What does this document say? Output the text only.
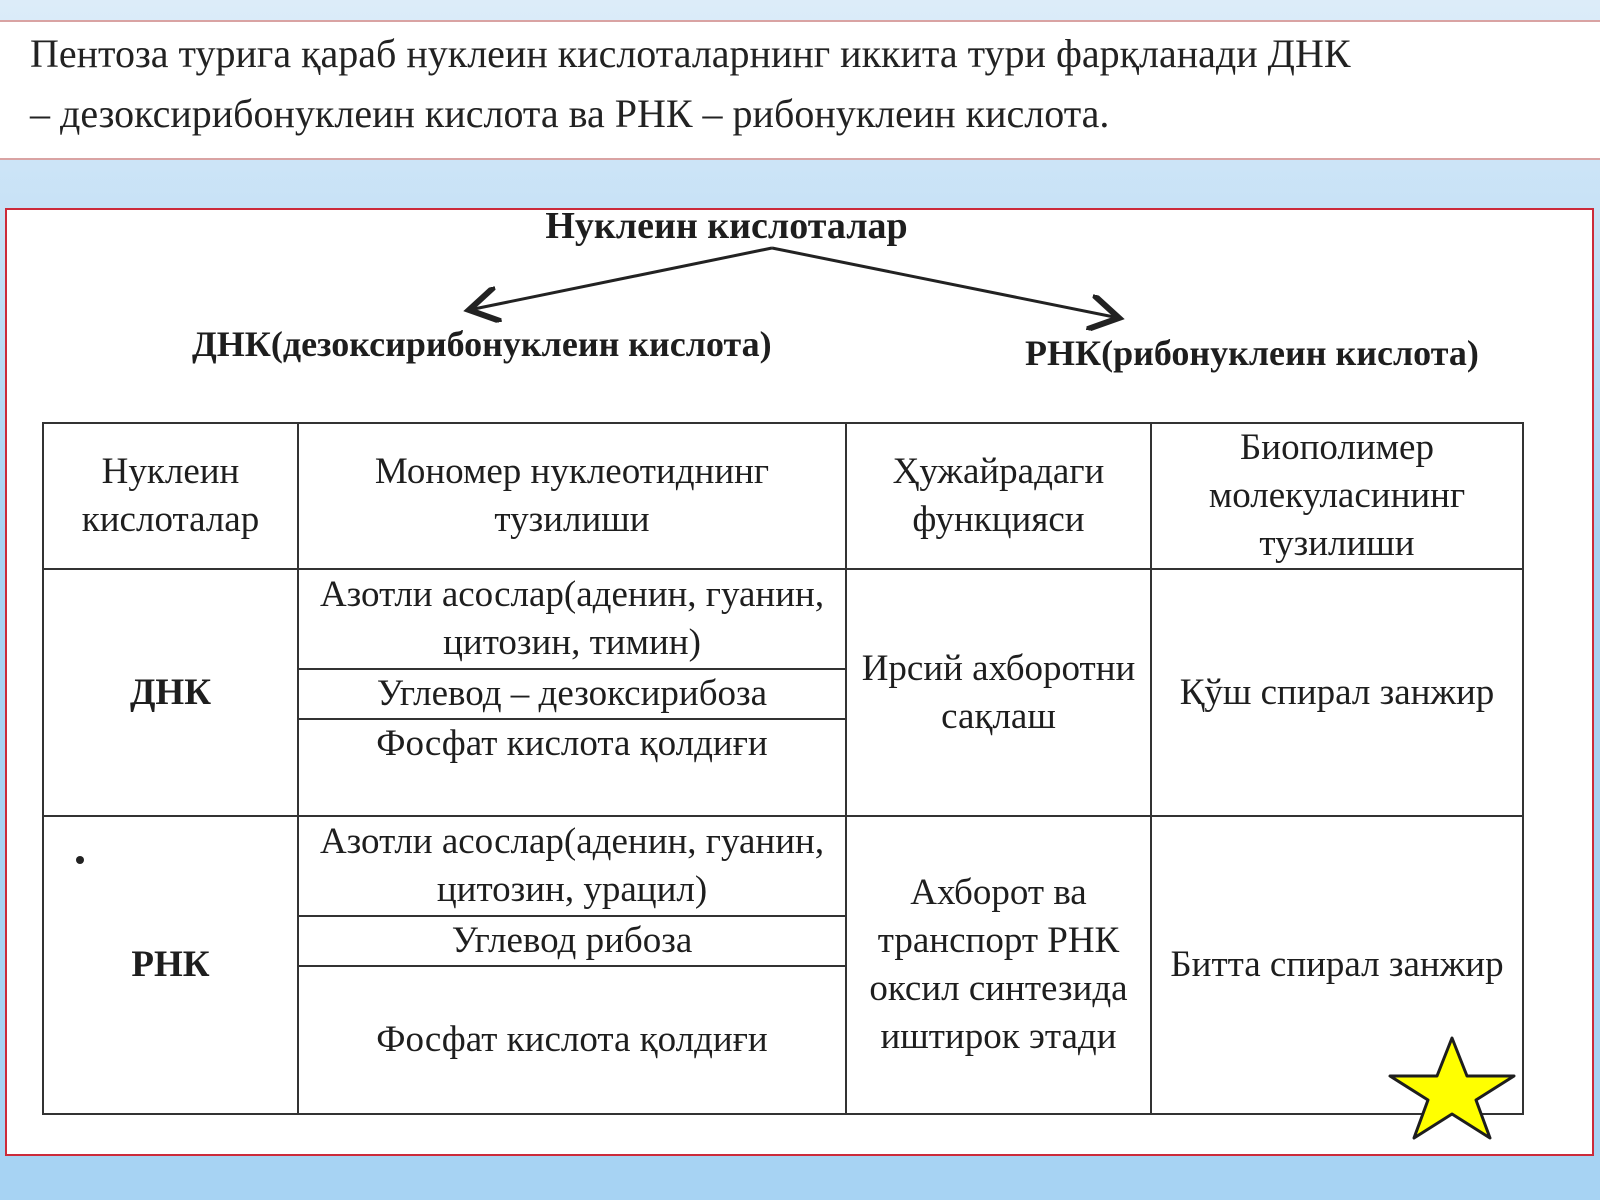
Пентоза турига қараб нуклеин кислоталарнинг иккита тури фарқланади ДНК
– дезоксирибонуклеин кислота ва РНК – рибонуклеин кислота.
Нуклеин кислоталар
ДНК(дезоксирибонуклеин кислота)	РНК(рибонуклеин кислота)
Нуклеин кислоталар	Мономер нуклеотиднинг тузилиши	Ҳужайрадаги функцияси	Биополимер молекуласининг тузилиши
ДНК	Азотли асослар(аденин, гуанин, цитозин, тимин)	Ирсий ахборотни сақлаш	Қўш спирал занжир
	Углевод – дезоксирибоза		
	Фосфат кислота қолдиғи		
РНК	Азотли асослар(аденин, гуанин, цитозин, урацил)	Ахборот ва транспорт РНК оксил синтезида иштирок этади	Битта спирал занжир
	Углевод рибоза		
	Фосфат кислота қолдиғи		
